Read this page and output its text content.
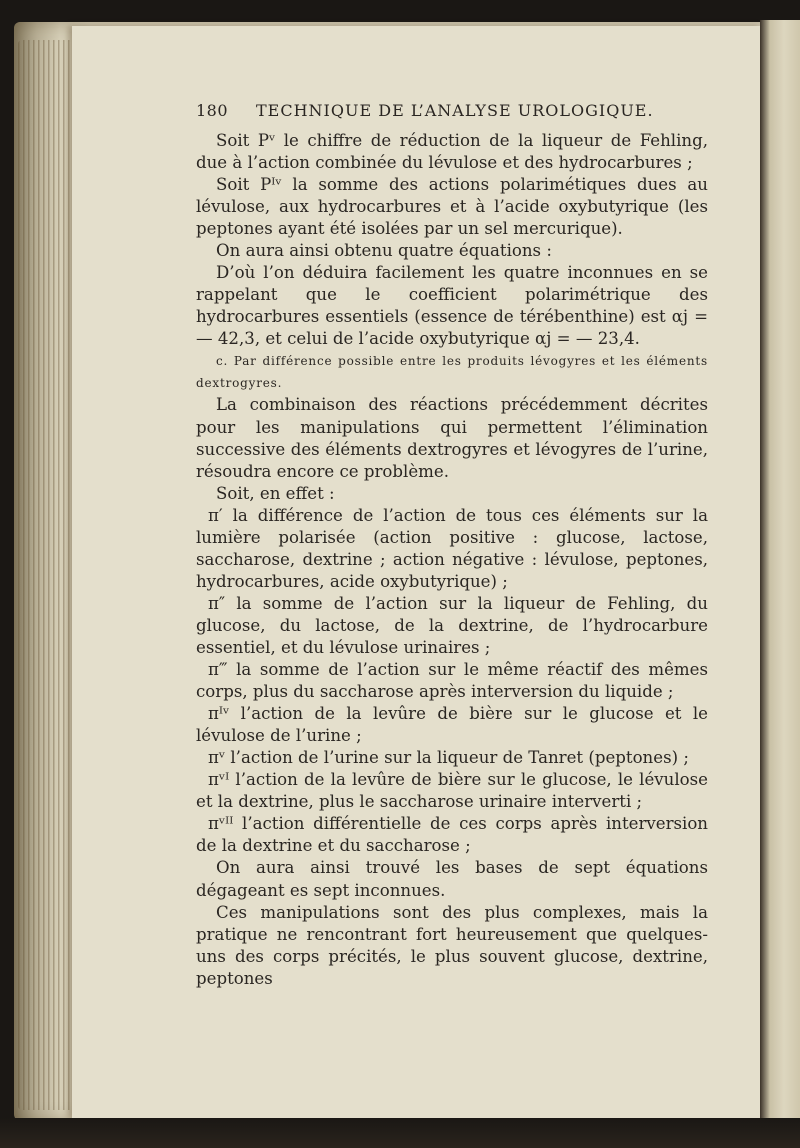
180	TECHNIQUE DE L’ANALYSE UROLOGIQUE.

Soit Pᵛ le chiffre de réduction de la liqueur de Fehling, due à l’action combinée du lévulose et des hydrocarbures ;

Soit Pᴵᵛ la somme des actions polarimétiques dues au lévulose, aux hydrocarbures et à l’acide oxybutyrique (les peptones ayant été isolées par un sel mercurique).

On aura ainsi obtenu quatre équations :

D’où l’on déduira facilement les quatre inconnues en se rappelant que le coefficient polarimétrique des hydrocarbures essentiels (essence de térébenthine) est αj = — 42,3, et celui de l’acide oxybutyrique αj = — 23,4.

c. Par différence possible entre les produits lévogyres et les éléments dextrogyres.

La combinaison des réactions précédemment décrites pour les manipulations qui permettent l’élimination successive des éléments dextrogyres et lévogyres de l’urine, résoudra encore ce problème.

Soit, en effet :

π′ la différence de l’action de tous ces éléments sur la lumière polarisée (action positive : glucose, lactose, saccharose, dextrine ; action négative : lévulose, peptones, hydrocarbures, acide oxybutyrique) ;

π″ la somme de l’action sur la liqueur de Fehling, du glucose, du lactose, de la dextrine, de l’hydrocarbure essentiel, et du lévulose urinaires ;

π‴ la somme de l’action sur le même réactif des mêmes corps, plus du saccharose après interversion du liquide ;

πᴵᵛ l’action de la levûre de bière sur le glucose et le lévulose de l’urine ;

πᵛ l’action de l’urine sur la liqueur de Tanret (peptones) ;

πᵛᴵ l’action de la levûre de bière sur le glucose, le lévulose et la dextrine, plus le saccharose urinaire interverti ;

πᵛᴵᴵ l’action différentielle de ces corps après interversion de la dextrine et du saccharose ;

On aura ainsi trouvé les bases de sept équations dégageant es sept inconnues.

Ces manipulations sont des plus complexes, mais la pratique ne rencontrant fort heureusement que quelques-uns des corps précités, le plus souvent glucose, dextrine, peptones
